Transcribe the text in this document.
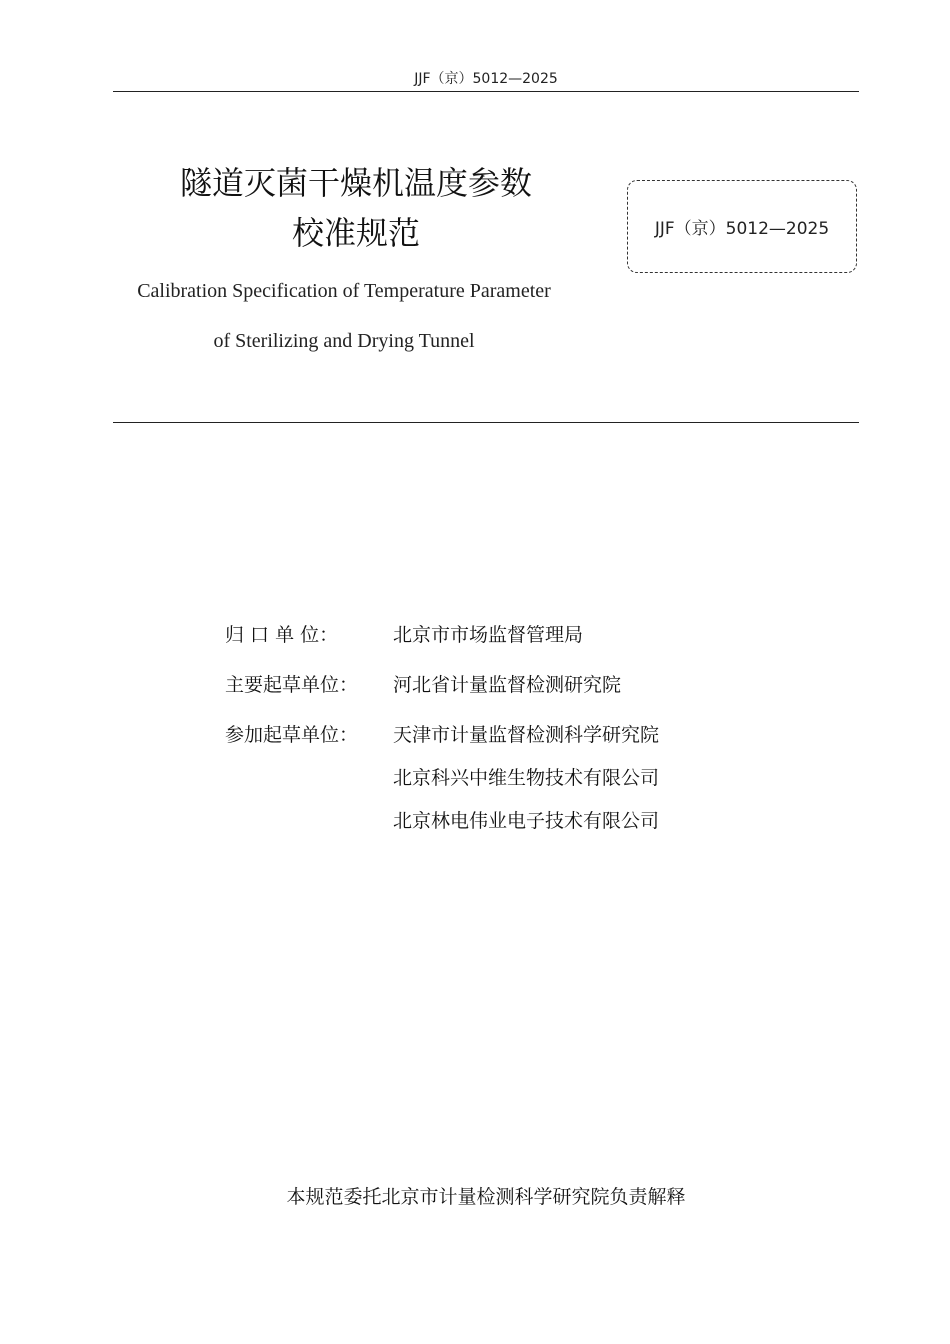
JJF（京）5012—2025
隧道灭菌干燥机温度参数
校准规范
Calibration Specification of Temperature Parameter
of Sterilizing and Drying Tunnel
JJF（京）5012—2025
归 口 单 位：	北京市市场监督管理局
主要起草单位：	河北省计量监督检测研究院
参加起草单位：	天津市计量监督检测科学研究院
北京科兴中维生物技术有限公司
北京林电伟业电子技术有限公司
本规范委托北京市计量检测科学研究院负责解释
